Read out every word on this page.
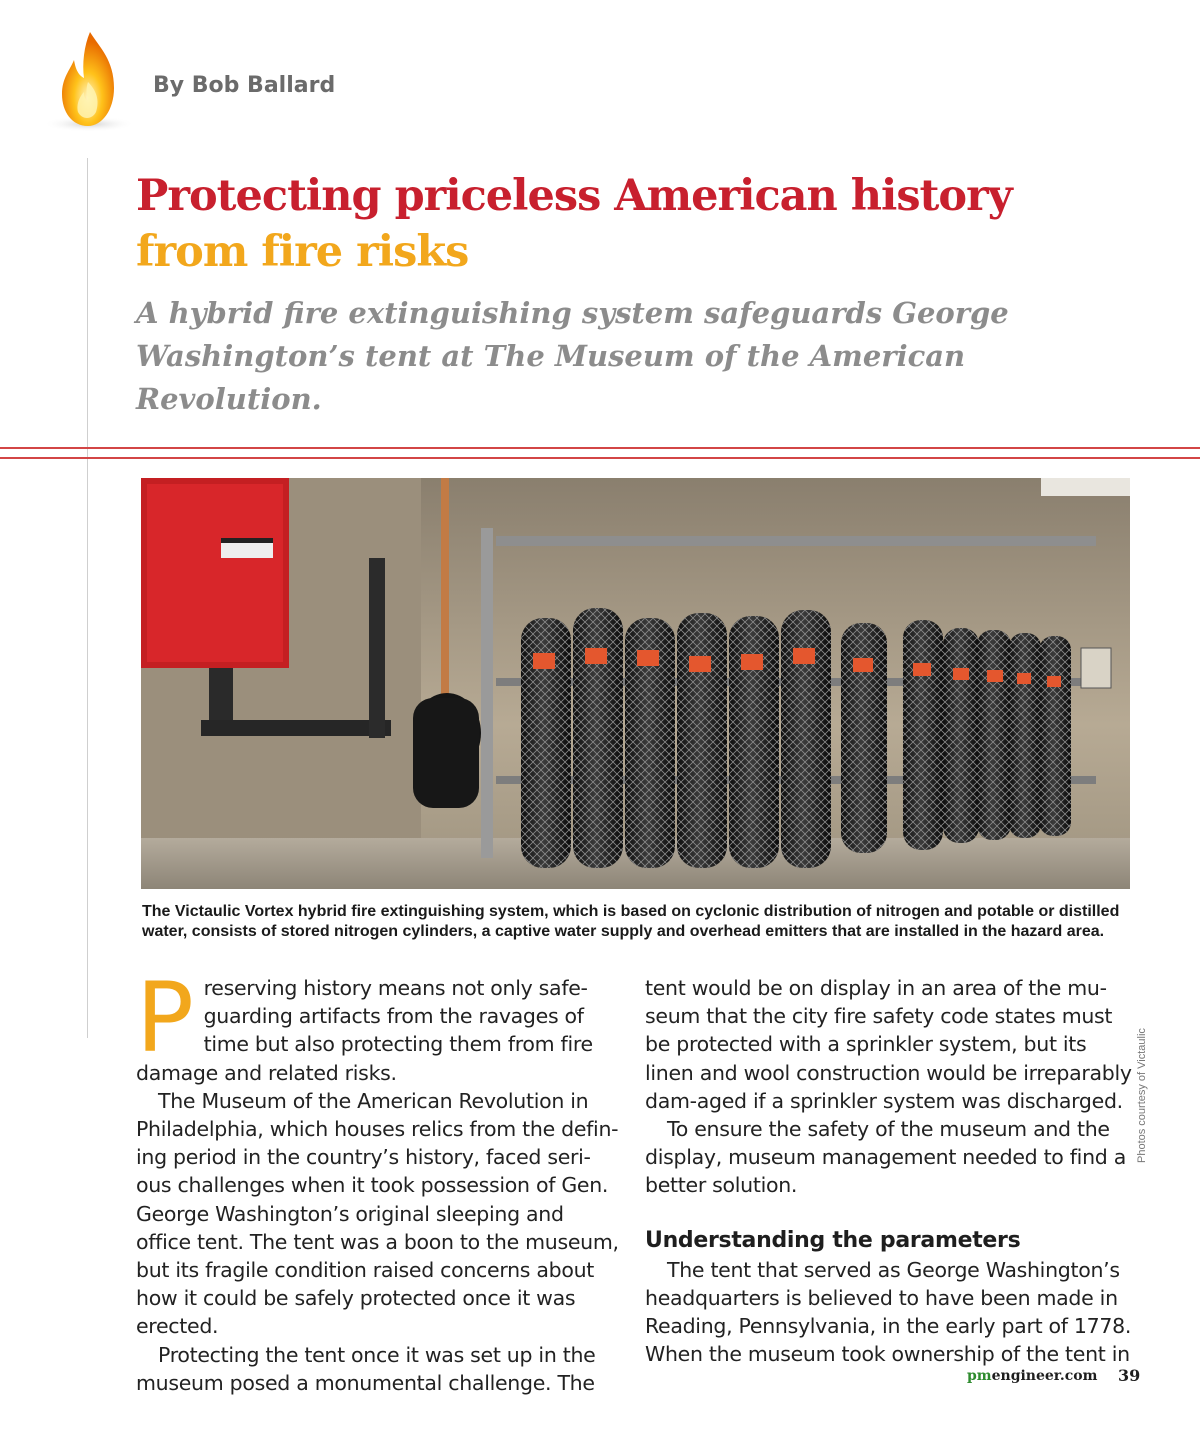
By Bob Ballard
Protecting priceless American history
from fire risks

A hybrid fire extinguishing system safeguards George Washington’s tent at The Museum of the American Revolution.

The Victaulic Vortex hybrid fire extinguishing system, which is based on cyclonic distribution of nitrogen and potable or distilled water, consists of stored nitrogen cylinders, a captive water supply and overhead emitters that are installed in the hazard area.

Preserving history means not only safe-guarding artifacts from the ravages of time but also protecting them from fire damage and related risks.

The Museum of the American Revolution in Philadelphia, which houses relics from the defin-ing period in the country’s history, faced seri-ous challenges when it took possession of Gen. George Washington’s original sleeping and office tent. The tent was a boon to the museum, but its fragile condition raised concerns about how it could be safely protected once it was erected.

Protecting the tent once it was set up in the museum posed a monumental challenge. The

tent would be on display in an area of the mu-seum that the city fire safety code states must be protected with a sprinkler system, but its linen and wool construction would be irreparably dam-aged if a sprinkler system was discharged.

To ensure the safety of the museum and the display, museum management needed to find a better solution.

Understanding the parameters

The tent that served as George Washington’s headquarters is believed to have been made in Reading, Pennsylvania, in the early part of 1778. When the museum took ownership of the tent in

Photos courtesy of Victaulic
pmengineer.com 39
